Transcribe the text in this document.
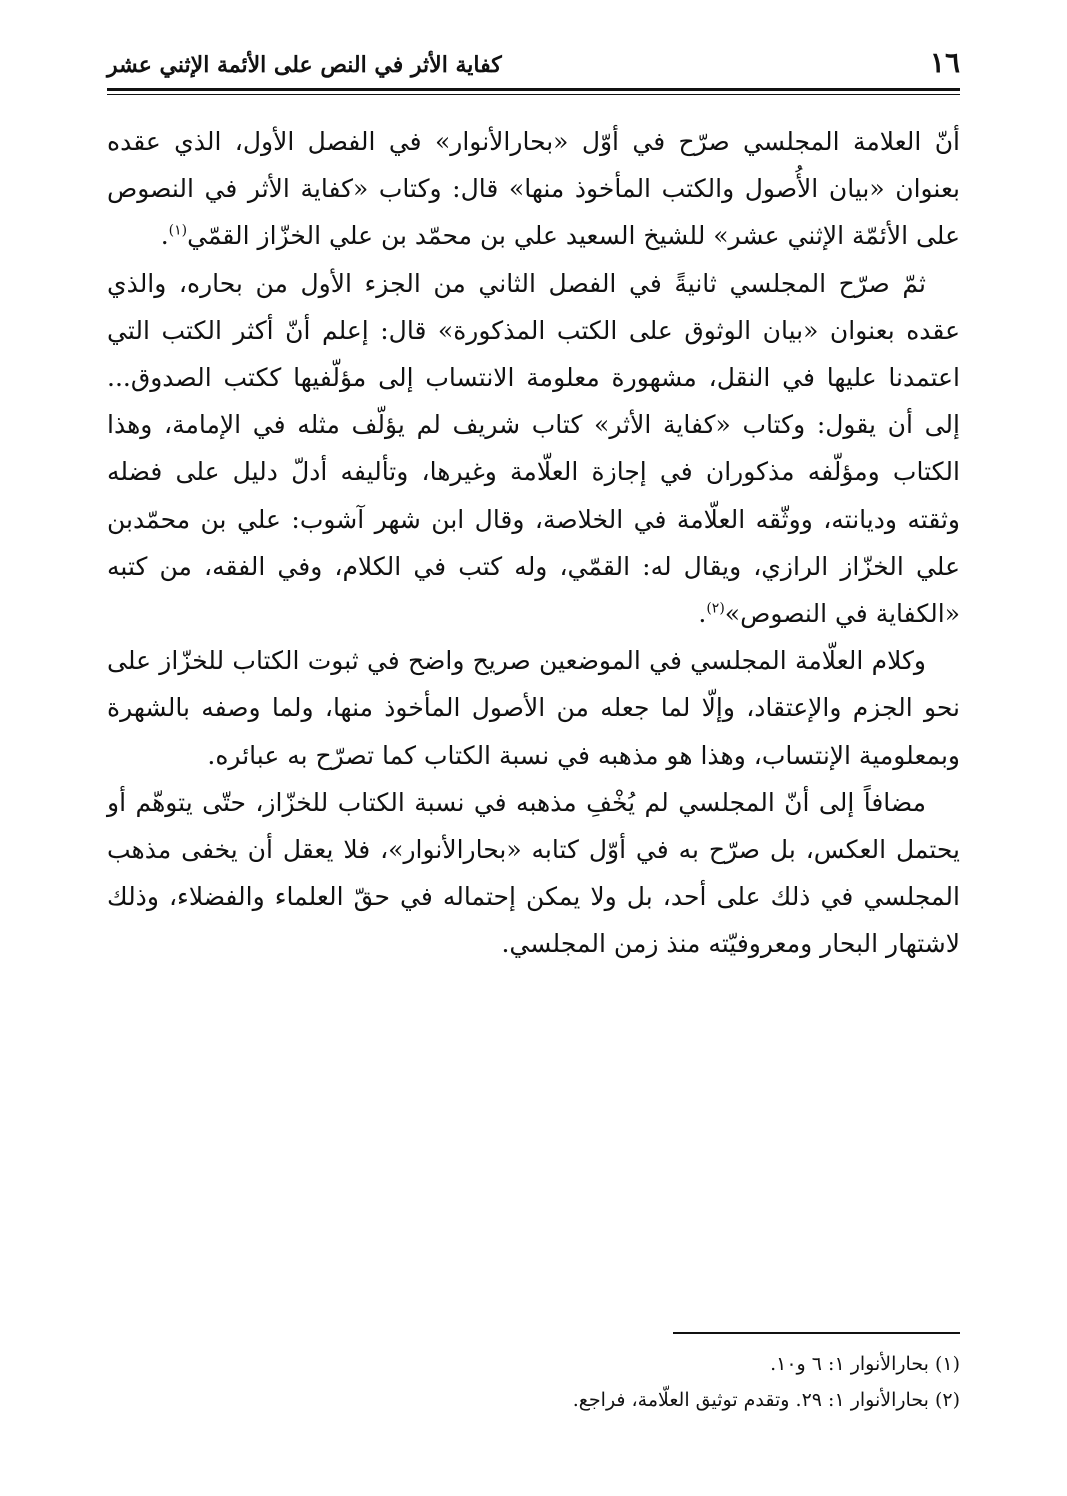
١٦
كفاية الأثر في النص على الأئمة الإثني عشر

أنّ العلامة المجلسي صرّح في أوّل «بحارالأنوار» في الفصل الأول، الذي عقده بعنوان «بيان الأُصول والكتب المأخوذ منها» قال: وكتاب «كفاية الأثر في النصوص على الأئمّة الإثني عشر» للشيخ السعيد علي بن محمّد بن علي الخزّاز القمّي$^{(١)}$.

ثمّ صرّح المجلسي ثانيةً في الفصل الثاني من الجزء الأول من بحاره، والذي عقده بعنوان «بيان الوثوق على الكتب المذكورة» قال: إعلم أنّ أكثر الكتب التي اعتمدنا عليها في النقل، مشهورة معلومة الانتساب إلى مؤلّفيها ككتب الصدوق... إلى أن يقول: وكتاب «كفاية الأثر» كتاب شريف لم يؤلّف مثله في الإمامة، وهذا الكتاب ومؤلّفه مذكوران في إجازة العلّامة وغيرها، وتأليفه أدلّ دليل على فضله وثقته وديانته، ووثّقه العلّامة في الخلاصة، وقال ابن شهر آشوب: علي بن محمّدبن علي الخزّاز الرازي، ويقال له: القمّي، وله كتب في الكلام، وفي الفقه، من كتبه «الكفاية في النصوص»$^{(٢)}$.

وكلام العلّامة المجلسي في الموضعين صريح واضح في ثبوت الكتاب للخزّاز على نحو الجزم والإعتقاد، وإلّا لما جعله من الأصول المأخوذ منها، ولما وصفه بالشهرة وبمعلومية الإنتساب، وهذا هو مذهبه في نسبة الكتاب كما تصرّح به عبائره.

مضافاً إلى أنّ المجلسي لم يُخْفِ مذهبه في نسبة الكتاب للخزّاز، حتّى يتوهّم أو يحتمل العكس، بل صرّح به في أوّل كتابه «بحارالأنوار»، فلا يعقل أن يخفى مذهب المجلسي في ذلك على أحد، بل ولا يمكن إحتماله في حقّ العلماء والفضلاء، وذلك لاشتهار البحار ومعروفيّته منذ زمن المجلسي.

(١) بحارالأنوار ١: ٦ و١٠.

(٢) بحارالأنوار ١: ٢٩. وتقدم توثيق العلّامة، فراجع.
